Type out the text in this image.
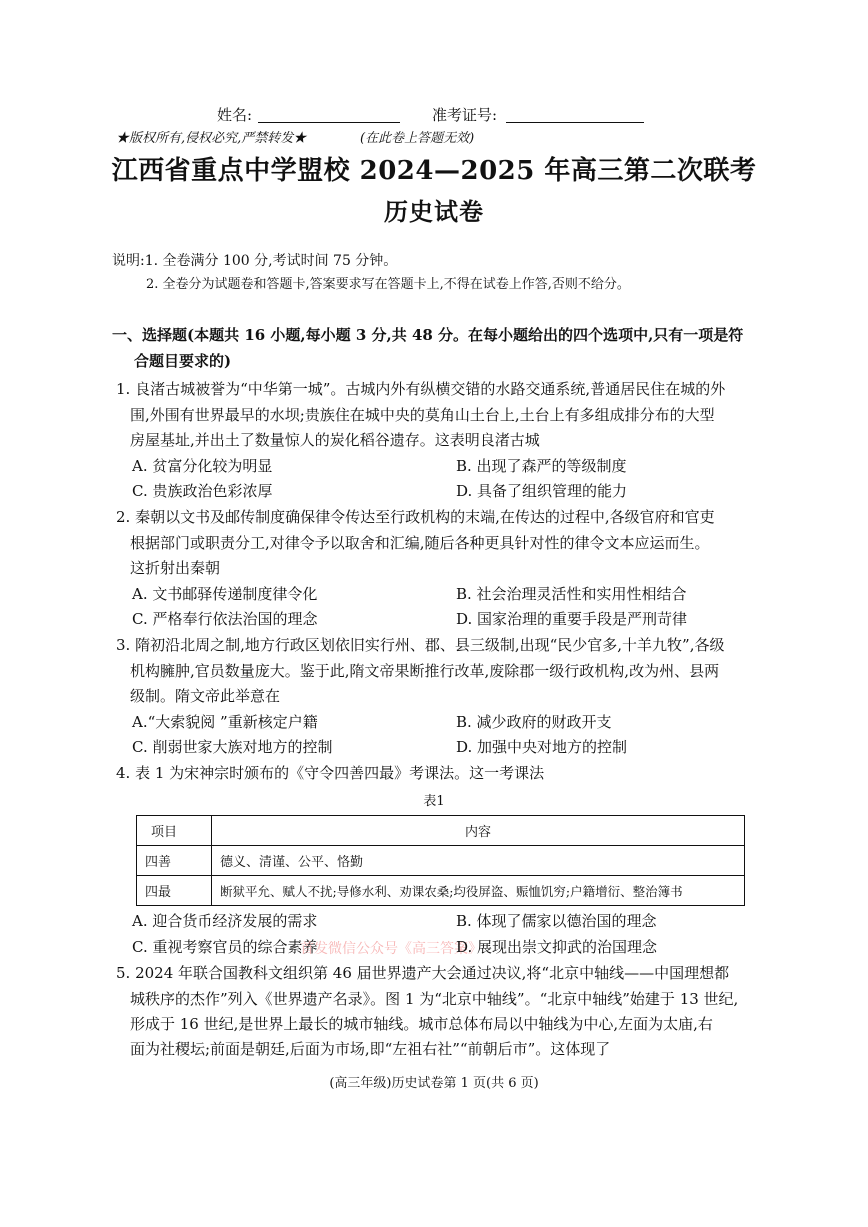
姓名:	准考证号:
★版权所有,侵权必究,严禁转发★	(在此卷上答题无效)
江西省重点中学盟校 2024—2025 年高三第二次联考
历史试卷
说明:1. 全卷满分 100 分,考试时间 75 分钟。
2. 全卷分为试题卷和答题卡,答案要求写在答题卡上,不得在试卷上作答,否则不给分。
一、选择题(本题共 16 小题,每小题 3 分,共 48 分。在每小题给出的四个选项中,只有一项是符
合题目要求的)
1. 良渚古城被誉为“中华第一城”。古城内外有纵横交错的水路交通系统,普通居民住在城的外
围,外围有世界最早的水坝;贵族住在城中央的莫角山土台上,土台上有多组成排分布的大型
房屋基址,并出土了数量惊人的炭化稻谷遗存。这表明良渚古城
A. 贫富分化较为明显	B. 出现了森严的等级制度
C. 贵族政治色彩浓厚	D. 具备了组织管理的能力
2. 秦朝以文书及邮传制度确保律令传达至行政机构的末端,在传达的过程中,各级官府和官吏
根据部门或职责分工,对律令予以取舍和汇编,随后各种更具针对性的律令文本应运而生。
这折射出秦朝
A. 文书邮驿传递制度律令化	B. 社会治理灵活性和实用性相结合
C. 严格奉行依法治国的理念	D. 国家治理的重要手段是严刑苛律
3. 隋初沿北周之制,地方行政区划依旧实行州、郡、县三级制,出现“民少官多,十羊九牧”,各级
机构臃肿,官员数量庞大。鉴于此,隋文帝果断推行改革,废除郡一级行政机构,改为州、县两
级制。隋文帝此举意在
A.“大索貌阅 ”重新核定户籍	B. 减少政府的财政开支
C. 削弱世家大族对地方的控制	D. 加强中央对地方的控制
4. 表 1 为宋神宗时颁布的《守令四善四最》考课法。这一考课法
表1
项目	内容
四善	德义、清谨、公平、恪勤
四最	断狱平允、赋人不扰;导修水利、劝课农桑;均役屏盗、赈恤饥穷;户籍增衍、整治簿书
A. 迎合货币经济发展的需求	B. 体现了儒家以德治国的理念
C. 重视考察官员的综合素养
首发微信公众号《高三答案》
D. 展现出崇文抑武的治国理念
5. 2024 年联合国教科文组织第 46 届世界遗产大会通过决议,将“北京中轴线——中国理想都
城秩序的杰作”列入《世界遗产名录》。图 1 为“北京中轴线”。“北京中轴线”始建于 13 世纪,
形成于 16 世纪,是世界上最长的城市轴线。城市总体布局以中轴线为中心,左面为太庙,右
面为社稷坛;前面是朝廷,后面为市场,即“左祖右社”“前朝后市”。这体现了
(高三年级)历史试卷第 1 页(共 6 页)
